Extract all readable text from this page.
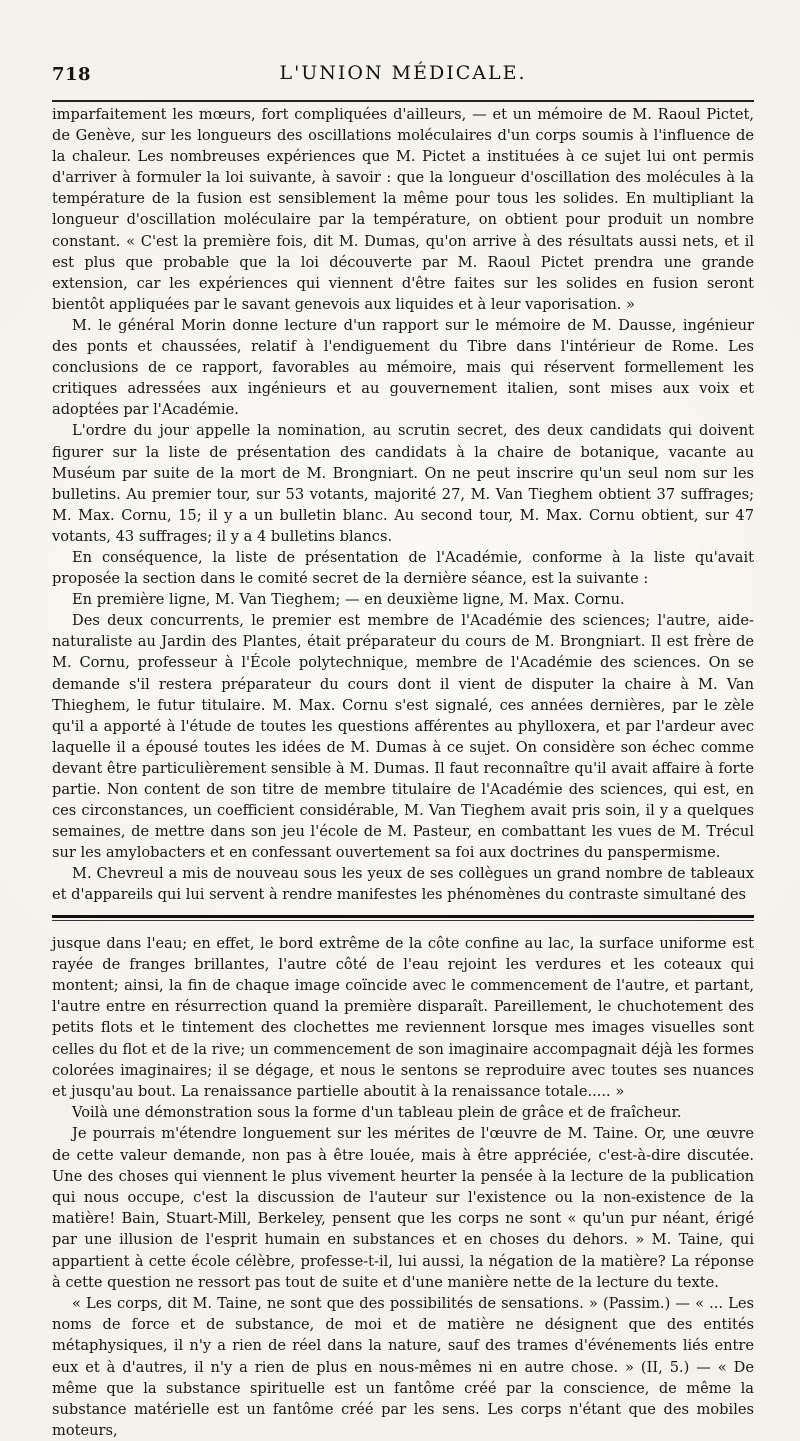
718	L'UNION MÉDICALE.

imparfaitement les mœurs, fort compliquées d'ailleurs, — et un mémoire de M. Raoul Pictet, de Genève, sur les longueurs des oscillations moléculaires d'un corps soumis à l'influence de la chaleur. Les nombreuses expériences que M. Pictet a instituées à ce sujet lui ont permis d'arriver à formuler la loi suivante, à savoir : que la longueur d'oscillation des molécules à la température de la fusion est sensiblement la même pour tous les solides. En multipliant la longueur d'oscillation moléculaire par la température, on obtient pour produit un nombre constant. « C'est la première fois, dit M. Dumas, qu'on arrive à des résultats aussi nets, et il est plus que probable que la loi découverte par M. Raoul Pictet prendra une grande extension, car les expériences qui viennent d'être faites sur les solides en fusion seront bientôt appliquées par le savant genevois aux liquides et à leur vaporisation. »

M. le général Morin donne lecture d'un rapport sur le mémoire de M. Dausse, ingénieur des ponts et chaussées, relatif à l'endiguement du Tibre dans l'intérieur de Rome. Les conclusions de ce rapport, favorables au mémoire, mais qui réservent formellement les critiques adressées aux ingénieurs et au gouvernement italien, sont mises aux voix et adoptées par l'Académie.

L'ordre du jour appelle la nomination, au scrutin secret, des deux candidats qui doivent figurer sur la liste de présentation des candidats à la chaire de botanique, vacante au Muséum par suite de la mort de M. Brongniart. On ne peut inscrire qu'un seul nom sur les bulletins. Au premier tour, sur 53 votants, majorité 27, M. Van Tieghem obtient 37 suffrages; M. Max. Cornu, 15; il y a un bulletin blanc. Au second tour, M. Max. Cornu obtient, sur 47 votants, 43 suffrages; il y a 4 bulletins blancs.

En conséquence, la liste de présentation de l'Académie, conforme à la liste qu'avait proposée la section dans le comité secret de la dernière séance, est la suivante :

En première ligne, M. Van Tieghem; — en deuxième ligne, M. Max. Cornu.

Des deux concurrents, le premier est membre de l'Académie des sciences; l'autre, aide-naturaliste au Jardin des Plantes, était préparateur du cours de M. Brongniart. Il est frère de M. Cornu, professeur à l'École polytechnique, membre de l'Académie des sciences. On se demande s'il restera préparateur du cours dont il vient de disputer la chaire à M. Van Thieghem, le futur titulaire. M. Max. Cornu s'est signalé, ces années dernières, par le zèle qu'il a apporté à l'étude de toutes les questions afférentes au phylloxera, et par l'ardeur avec laquelle il a épousé toutes les idées de M. Dumas à ce sujet. On considère son échec comme devant être particulièrement sensible à M. Dumas. Il faut reconnaître qu'il avait affaire à forte partie. Non content de son titre de membre titulaire de l'Académie des sciences, qui est, en ces circonstances, un coefficient considérable, M. Van Tieghem avait pris soin, il y a quelques semaines, de mettre dans son jeu l'école de M. Pasteur, en combattant les vues de M. Trécul sur les amylobacters et en confessant ouvertement sa foi aux doctrines du panspermisme.

M. Chevreul a mis de nouveau sous les yeux de ses collègues un grand nombre de tableaux et d'appareils qui lui servent à rendre manifestes les phénomènes du contraste simultané des

jusque dans l'eau; en effet, le bord extrême de la côte confine au lac, la surface uniforme est rayée de franges brillantes, l'autre côté de l'eau rejoint les verdures et les coteaux qui montent; ainsi, la fin de chaque image coïncide avec le commencement de l'autre, et partant, l'autre entre en résurrection quand la première disparaît. Pareillement, le chuchotement des petits flots et le tintement des clochettes me reviennent lorsque mes images visuelles sont celles du flot et de la rive; un commencement de son imaginaire accompagnait déjà les formes colorées imaginaires; il se dégage, et nous le sentons se reproduire avec toutes ses nuances et jusqu'au bout. La renaissance partielle aboutit à la renaissance totale..... »

Voilà une démonstration sous la forme d'un tableau plein de grâce et de fraîcheur.

Je pourrais m'étendre longuement sur les mérites de l'œuvre de M. Taine. Or, une œuvre de cette valeur demande, non pas à être louée, mais à être appréciée, c'est-à-dire discutée. Une des choses qui viennent le plus vivement heurter la pensée à la lecture de la publication qui nous occupe, c'est la discussion de l'auteur sur l'existence ou la non-existence de la matière! Bain, Stuart-Mill, Berkeley, pensent que les corps ne sont « qu'un pur néant, érigé par une illusion de l'esprit humain en substances et en choses du dehors. » M. Taine, qui appartient à cette école célèbre, professe-t-il, lui aussi, la négation de la matière? La réponse à cette question ne ressort pas tout de suite et d'une manière nette de la lecture du texte.

« Les corps, dit M. Taine, ne sont que des possibilités de sensations. » (Passim.) — « ... Les noms de force et de substance, de moi et de matière ne désignent que des entités métaphysiques, il n'y a rien de réel dans la nature, sauf des trames d'événements liés entre eux et à d'autres, il n'y a rien de plus en nous-mêmes ni en autre chose. » (II, 5.) — « De même que la substance spirituelle est un fantôme créé par la conscience, de même la substance matérielle est un fantôme créé par les sens. Les corps n'étant que des mobiles moteurs,
